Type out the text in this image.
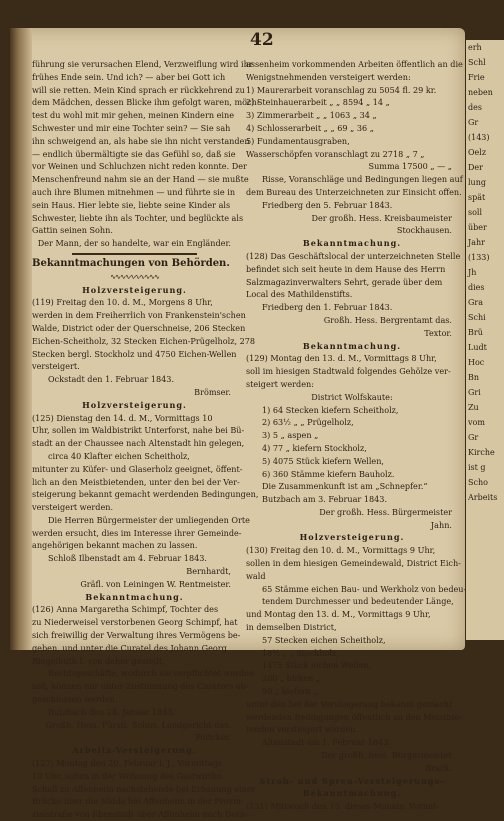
42
führung sie verursachen Elend, Verzweiflung wird ihr
frühes Ende sein. Und ich? — aber bei Gott ich
will sie retten. Mein Kind sprach er rückkehrend zu
dem Mädchen, dessen Blicke ihm gefolgt waren, möch-
test du wohl mit mir gehen, meinen Kindern eine
Schwester und mir eine Tochter sein? — Sie sah
ihn schweigend an, als habe sie ihn nicht verstanden
— endlich übermältigte sie das Gefühl so, daß sie
vor Weinen und Schluchzen nicht reden konnte. Der
Menschenfreund nahm sie an der Hand — sie mußte
auch ihre Blumen mitnehmen — und führte sie in
sein Haus. Hier lebte sie, liebte seine Kinder als
Schwester, liebte ihn als Tochter, und beglückte als
Gattin seinen Sohn.
Der Mann, der so handelte, war ein Engländer.
Bekanntmachungen von Behörden.
∿∿∿∿∿∿∿∿∿∿
Holzversteigerung.
(119) Freitag den 10. d. M., Morgens 8 Uhr,
werden in dem Freiherrlich von Frankenstein'schen
Walde, District oder der Querschneise, 206 Stecken
Eichen-Scheitholz, 32 Stecken Eichen-Prügelholz, 278
Stecken bergl. Stockholz und 4750 Eichen-Wellen
versteigert.
Ockstadt den 1. Februar 1843.
Brömser.
Holzversteigerung.
(125) Dienstag den 14. d. M., Vormittags 10
Uhr, sollen im Waldbistrikt Unterforst, nahe bei Bü-
stadt an der Chaussee nach Altenstadt hin gelegen,
circa 40 Klafter eichen Scheitholz,
mitunter zu Küfer- und Glaserholz geeignet, öffent-
lich an den Meistbietenden, unter den bei der Ver-
steigerung bekannt gemacht werdenden Bedingungen,
versteigert werden.
Die Herren Bürgermeister der umliegenden Orte
werden ersucht, dies im Interesse ihrer Gemeinde-
angehörigen bekannt machen zu lassen.
Schloß Ilbenstadt am 4. Februar 1843.
Bernhardt,
Gräfl. von Leiningen W. Rentmeister.
Bekanntmachung.
(126) Anna Margaretha Schimpf, Tochter des
zu Niederweisel verstorbenen Georg Schimpf, hat
sich freiwillig der Verwaltung ihres Vermögens be-
geben, und unter die Curatel des Johann Georg
Riegelhuth I. von daher gestellt.
Rechtsgeschäfte, wodurch sie verpflichtet werden
soll, können nur unter Zustimmung des Curators ab-
geschlossen werden.
Butzbach den 24. Januar 1843.
Großh. Hess. Fürstl. Solms. Landgericht das.
Pöltcker.
Arbeits-Versteigerung.
(127) Montag den 20. Februar l. J., Vormittags
10 Uhr, sollen in der Wohnung des Gastwirths
Schall zu Affenheim nachstehende bei Erbauung einer
Brücke über die Nidda bei Affenheim in der Provin-
zialstraße von Ilbenstadt über Affenheim nach Dorn-
assenheim vorkommenden Arbeiten öffentlich an die
Wenigstnehmenden versteigert werden:
1) Maurerarbeit voranschlag zu 5054 fl. 29 kr.
2) Steinhauerarbeit „ „ 8594 „ 14 „
3) Zimmerarbeit „ „ 1063 „ 34 „
4) Schlosserarbeit „ „ 69 „ 36 „
5) Fundamentausgraben,
Wasserschöpfen voranschlagt zu 2718 „ 7 „
Summa 17500 „ — „
Risse, Voranschläge und Bedingungen liegen auf
dem Bureau des Unterzeichneten zur Einsicht offen.
Friedberg den 5. Februar 1843.
Der großh. Hess. Kreisbaumeister
Stockhausen.
Bekanntmachung.
(128) Das Geschäftslocal der unterzeichneten Stelle
befindet sich seit heute in dem Hause des Herrn
Salzmagazinverwalters Sehrt, gerade über dem
Local des Mathildenstifts.
Friedberg den 1. Februar 1843.
Großh. Hess. Bergrentamt das.
Textor.
Bekanntmachung.
(129) Montag den 13. d. M., Vormittags 8 Uhr,
soll im hiesigen Stadtwald folgendes Gehölze ver-
steigert werden:
District Wolfskaute:
1) 64 Stecken kiefern Scheitholz,
2) 63½ „ „ Prügelholz,
3) 5 „ aspen „
4) 77 „ kiefern Stockholz,
5) 4075 Stück kiefern Wellen,
6) 360 Stämme kiefern Bauholz.
Die Zusammenkunft ist am „Schnepfer.“
Butzbach am 3. Februar 1843.
Der großh. Hess. Bürgermeister
Jahn.
Holzversteigerung.
(130) Freitag den 10. d. M., Vormittags 9 Uhr,
sollen in dem hiesigen Gemeindewald, District Eich-
wald
65 Stämme eichen Bau- und Werkholz von bedeu-
tendem Durchmesser und bedeutender Länge,
und Montag den 13. d. M., Vormittags 9 Uhr,
in demselben District,
57 Stecken eichen Scheitholz,
18½ „ „ Stockholz,
1475 Stück eichen Wellen,
200 „ birken „
50 „ kiefern „
unter den bei der Versteigerung bekannt gemacht
werdenden Bedingungen öffentlich an den Meistbie-
tenden versteigert werden.
Altenstadt am 1. Februar 1843.
Der großh. hess. Bürgermeister
Brack.
Stroh- und Spreu-Versteigerungs-
Bekanntmachung.
(131) Mittwoch den 15. dieses Monats, Vormit-
erh
Schl
Frie
neben
des
Gr
(143)
Oelz
Der
lung
spät
soll
über
Jahr
(133)
Jh
dies
Gra
Schi
Brü
Ludt
Hoc
Bn
Gri
Zu
vom
Gr
Kirche
ist g
Scho
Arbeits
